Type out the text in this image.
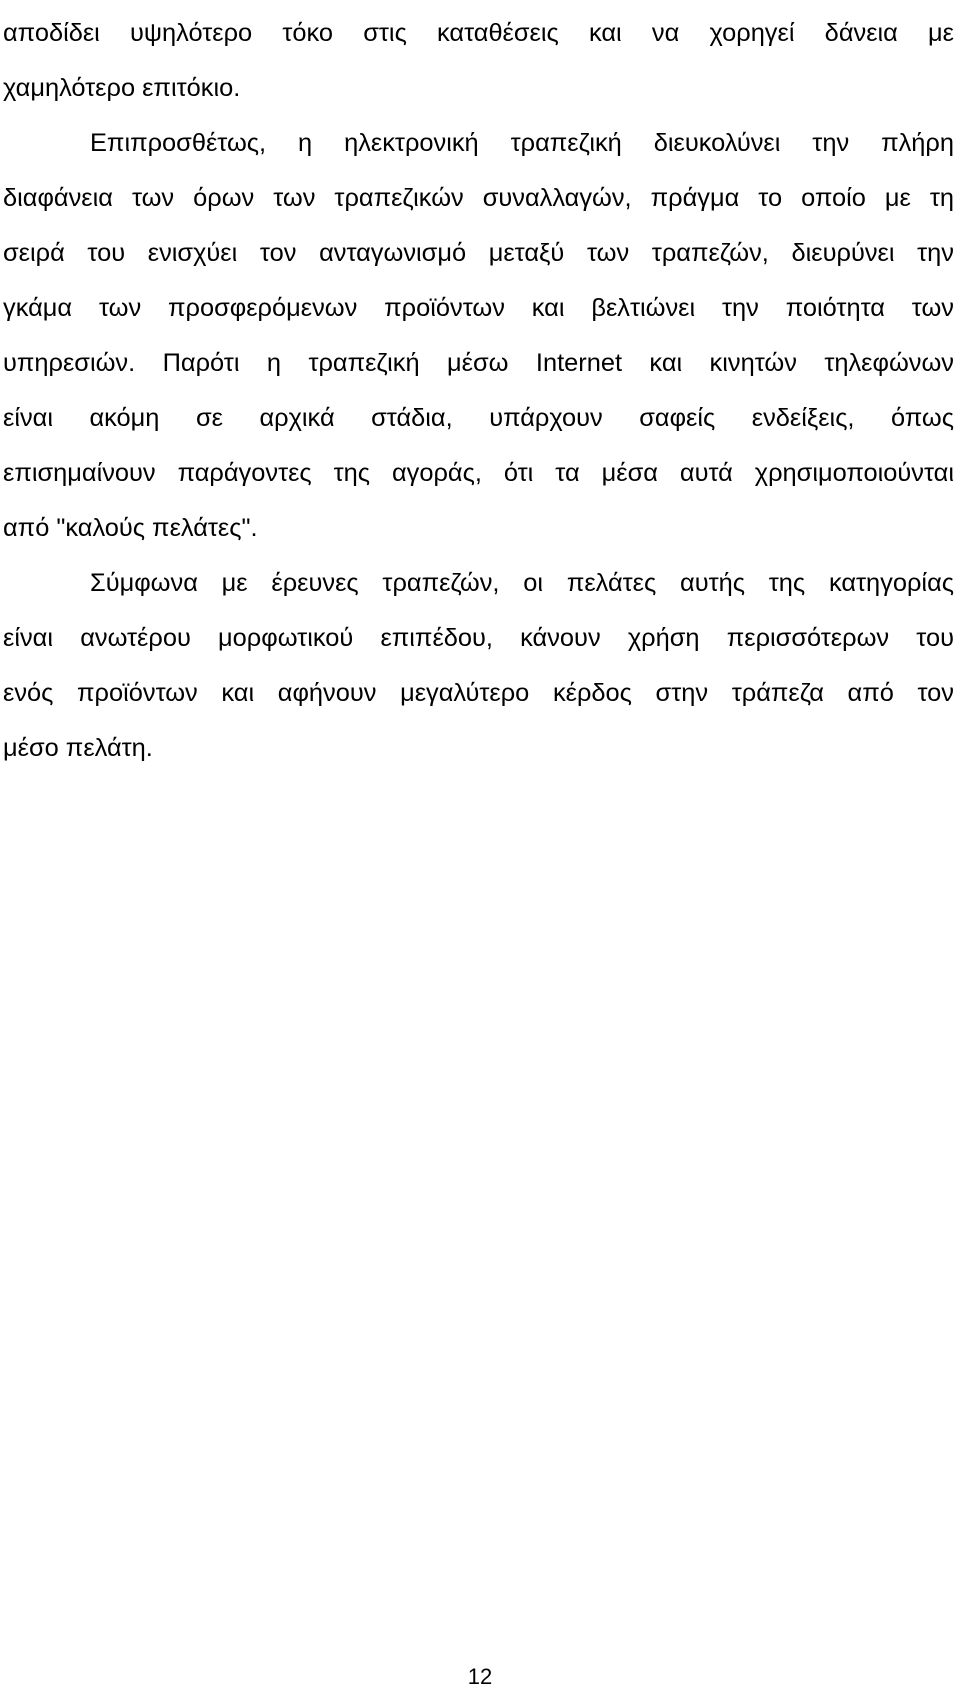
αποδίδει υψηλότερο τόκο στις καταθέσεις και να χορηγεί δάνεια με
χαμηλότερο επιτόκιο.
Επιπροσθέτως, η ηλεκτρονική τραπεζική διευκολύνει την πλήρη
διαφάνεια των όρων των τραπεζικών συναλλαγών, πράγμα το οποίο με τη
σειρά του ενισχύει τον ανταγωνισμό μεταξύ των τραπεζών, διευρύνει την
γκάμα των προσφερόμενων προϊόντων και βελτιώνει την ποιότητα των
υπηρεσιών. Παρότι η τραπεζική μέσω Internet και κινητών τηλεφώνων
είναι ακόμη σε αρχικά στάδια, υπάρχουν σαφείς ενδείξεις, όπως
επισημαίνουν παράγοντες της αγοράς, ότι τα μέσα αυτά χρησιμοποιούνται
από "καλούς πελάτες".
Σύμφωνα με έρευνες τραπεζών, οι πελάτες αυτής της κατηγορίας
είναι ανωτέρου μορφωτικού επιπέδου, κάνουν χρήση περισσότερων του
ενός προϊόντων και αφήνουν μεγαλύτερο κέρδος στην τράπεζα από τον
μέσο πελάτη.
12
